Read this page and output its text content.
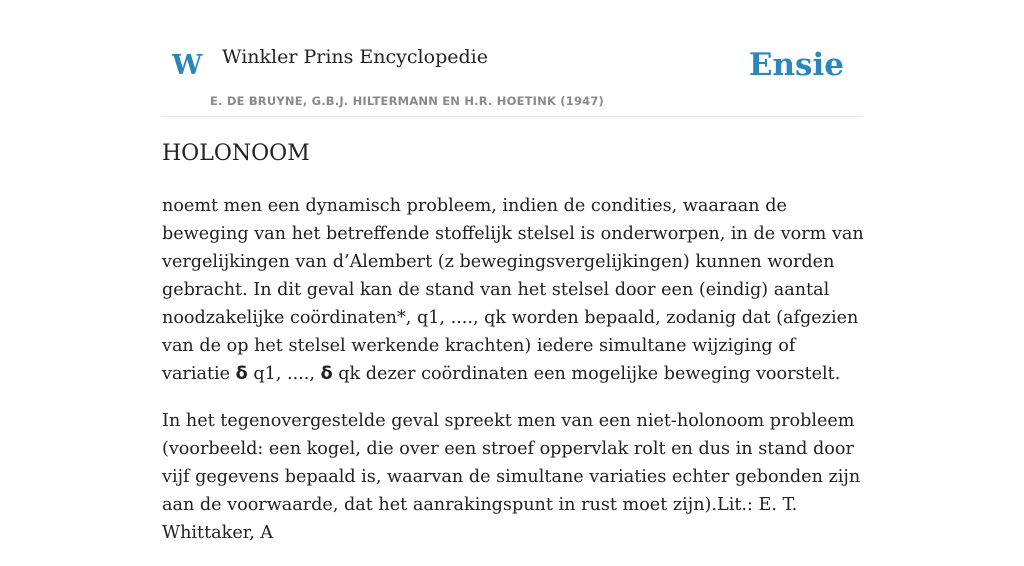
W Winkler Prins Encyclopedie
E. DE BRUYNE, G.B.J. HILTERMANN EN H.R. HOETINK (1947)
Ensie
HOLONOOM

noemt men een dynamisch probleem, indien de condities, waaraan de beweging van het betreffende stoffelijk stelsel is onderworpen, in de vorm van vergelijkingen van d’Alembert (z bewegingsvergelijkingen) kunnen worden gebracht. In dit geval kan de stand van het stelsel door een (eindig) aantal noodzakelijke coördinaten*, q1, ...., qk worden bepaald, zodanig dat (afgezien van de op het stelsel werkende krachten) iedere simultane wijziging of variatie δ q1, ...., δ qk dezer coördinaten een mogelijke beweging voorstelt.

In het tegenovergestelde geval spreekt men van een niet-holonoom probleem (voorbeeld: een kogel, die over een stroef oppervlak rolt en dus in stand door vijf gegevens bepaald is, waarvan de simultane variaties echter gebonden zijn aan de voorwaarde, dat het aanrakingspunt in rust moet zijn).Lit.: E. T. Whittaker, A
